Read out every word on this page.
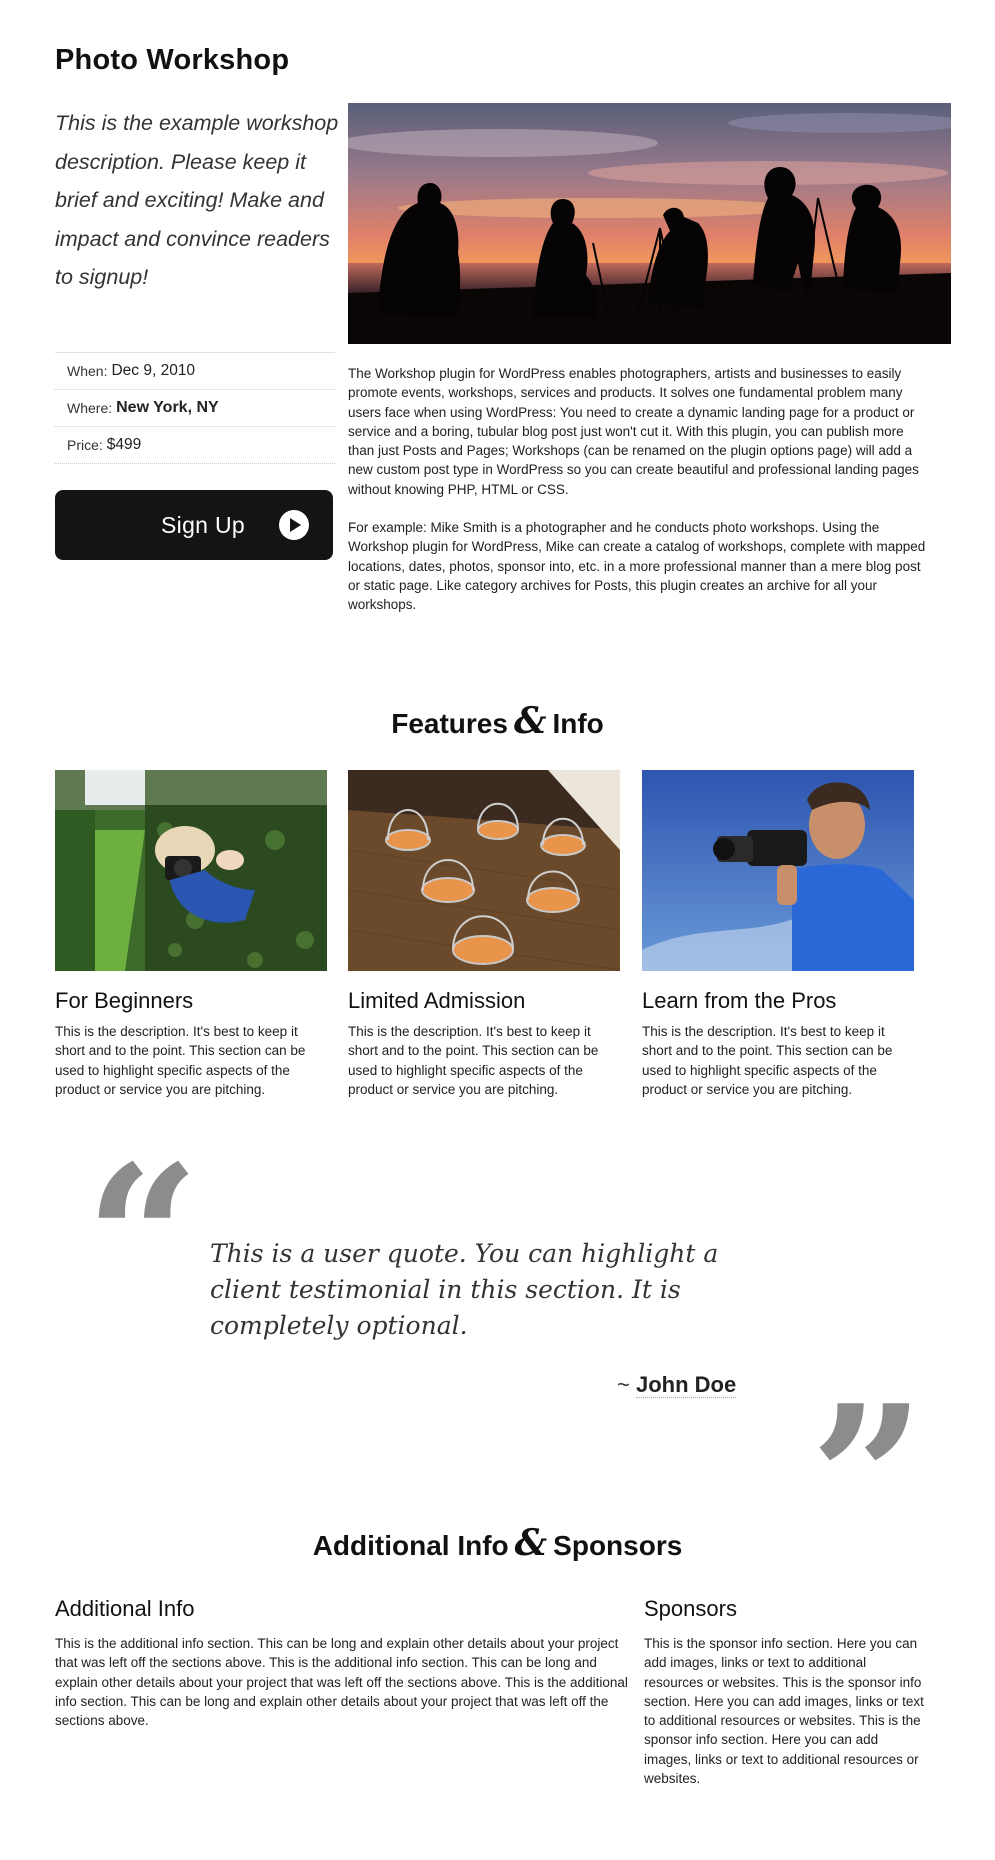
Photo Workshop
This is the example workshop description. Please keep it brief and exciting! Make and impact and convince readers to signup!
When: Dec 9, 2010
Where: New York, NY
Price: $499
Sign Up

The Workshop plugin for WordPress enables photographers, artists and businesses to easily promote events, workshops, services and products. It solves one fundamental problem many users face when using WordPress: You need to create a dynamic landing page for a product or service and a boring, tubular blog post just won't cut it. With this plugin, you can publish more than just Posts and Pages; Workshops (can be renamed on the plugin options page) will add a new custom post type in WordPress so you can create beautiful and professional landing pages without knowing PHP, HTML or CSS.

For example: Mike Smith is a photographer and he conducts photo workshops. Using the Workshop plugin for WordPress, Mike can create a catalog of workshops, complete with mapped locations, dates, photos, sponsor into, etc. in a more professional manner than a mere blog post or static page. Like category archives for Posts, this plugin creates an archive for all your workshops.

Features & Info
For Beginners

This is the description. It's best to keep it short and to the point. This section can be used to highlight specific aspects of the product or service you are pitching.

Limited Admission

This is the description. It's best to keep it short and to the point. This section can be used to highlight specific aspects of the product or service you are pitching.

Learn from the Pros

This is the description. It's best to keep it short and to the point. This section can be used to highlight specific aspects of the product or service you are pitching.

“ This is a user quote. You can highlight a client testimonial in this section. It is completely optional.
~ John Doe ”
Additional Info & Sponsors
Additional Info

This is the additional info section. This can be long and explain other details about your project that was left off the sections above. This is the additional info section. This can be long and explain other details about your project that was left off the sections above. This is the additional info section. This can be long and explain other details about your project that was left off the sections above.

Sponsors

This is the sponsor info section. Here you can add images, links or text to additional resources or websites. This is the sponsor info section. Here you can add images, links or text to additional resources or websites. This is the sponsor info section. Here you can add images, links or text to additional resources or websites.
